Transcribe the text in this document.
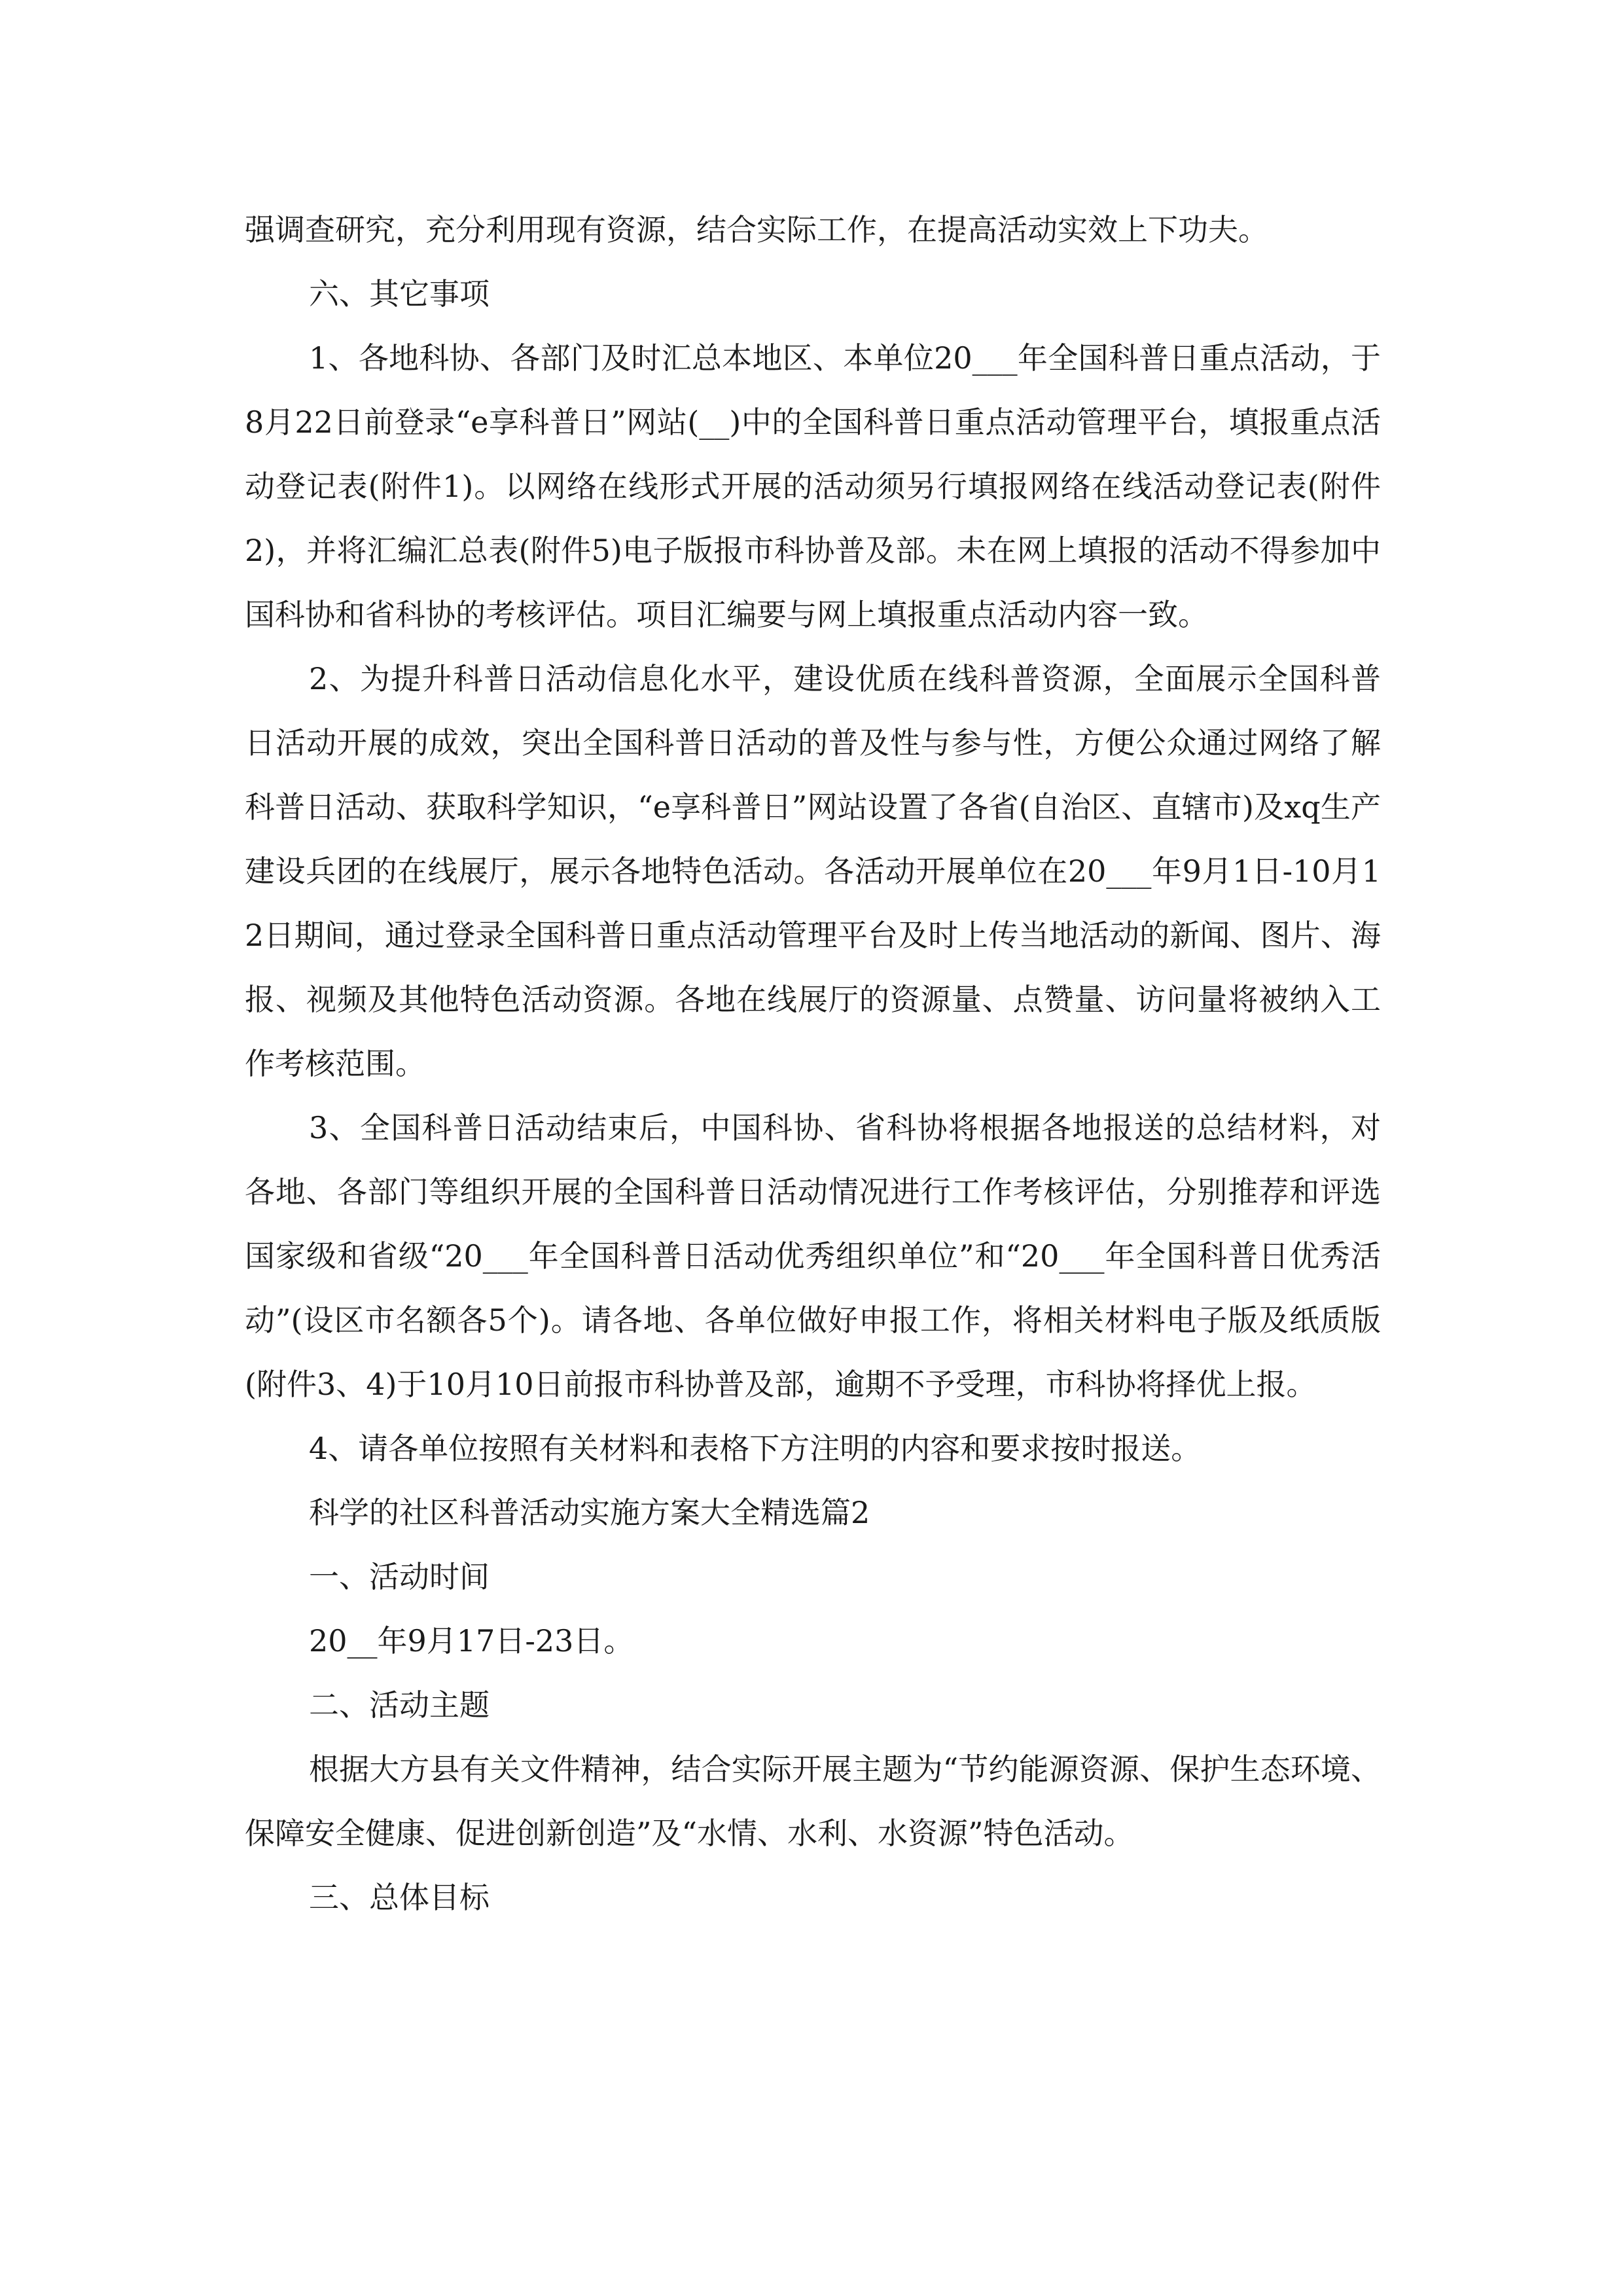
强调查研究，充分利用现有资源，结合实际工作，在提高活动实效上下功夫。

六、其它事项

1、各地科协、各部门及时汇总本地区、本单位20___年全国科普日重点活动，于8月22日前登录“e享科普日”网站(__)中的全国科普日重点活动管理平台，填报重点活动登记表(附件1)。以网络在线形式开展的活动须另行填报网络在线活动登记表(附件2)，并将汇编汇总表(附件5)电子版报市科协普及部。未在网上填报的活动不得参加中国科协和省科协的考核评估。项目汇编要与网上填报重点活动内容一致。

2、为提升科普日活动信息化水平，建设优质在线科普资源，全面展示全国科普日活动开展的成效，突出全国科普日活动的普及性与参与性，方便公众通过网络了解科普日活动、获取科学知识，“e享科普日”网站设置了各省(自治区、直辖市)及xq生产建设兵团的在线展厅，展示各地特色活动。各活动开展单位在20___年9月1日-10月12日期间，通过登录全国科普日重点活动管理平台及时上传当地活动的新闻、图片、海报、视频及其他特色活动资源。各地在线展厅的资源量、点赞量、访问量将被纳入工作考核范围。

3、全国科普日活动结束后，中国科协、省科协将根据各地报送的总结材料，对各地、各部门等组织开展的全国科普日活动情况进行工作考核评估，分别推荐和评选国家级和省级“20___年全国科普日活动优秀组织单位”和“20___年全国科普日优秀活动”(设区市名额各5个)。请各地、各单位做好申报工作，将相关材料电子版及纸质版(附件3、4)于10月10日前报市科协普及部，逾期不予受理，市科协将择优上报。

4、请各单位按照有关材料和表格下方注明的内容和要求按时报送。

科学的社区科普活动实施方案大全精选篇2

一、活动时间

20__年9月17日-23日。

二、活动主题

根据大方县有关文件精神，结合实际开展主题为“节约能源资源、保护生态环境、保障安全健康、促进创新创造”及“水情、水利、水资源”特色活动。

三、总体目标
